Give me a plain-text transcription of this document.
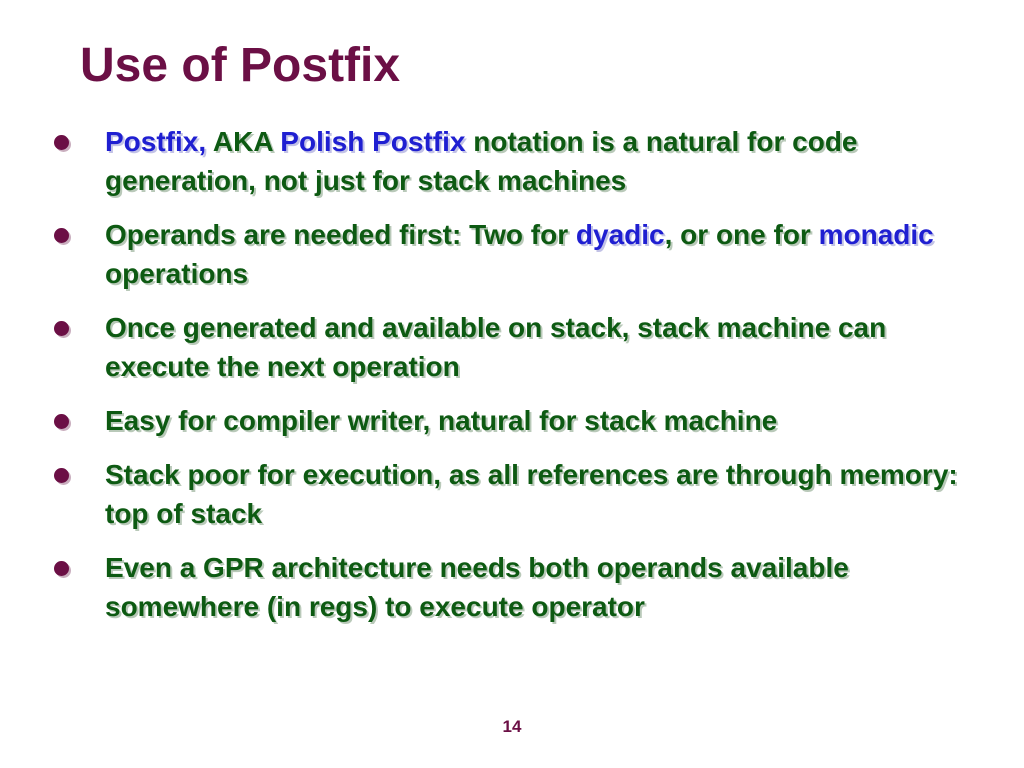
Use of Postfix
Postfix, AKA Polish Postfix notation is a natural for code generation, not just for stack machines
Operands are needed first: Two for dyadic, or one for monadic operations
Once generated and available on stack, stack machine can execute the next operation
Easy for compiler writer, natural for stack machine
Stack poor for execution, as all references are through memory: top of stack
Even a GPR architecture needs both operands available somewhere (in regs) to execute operator
14
